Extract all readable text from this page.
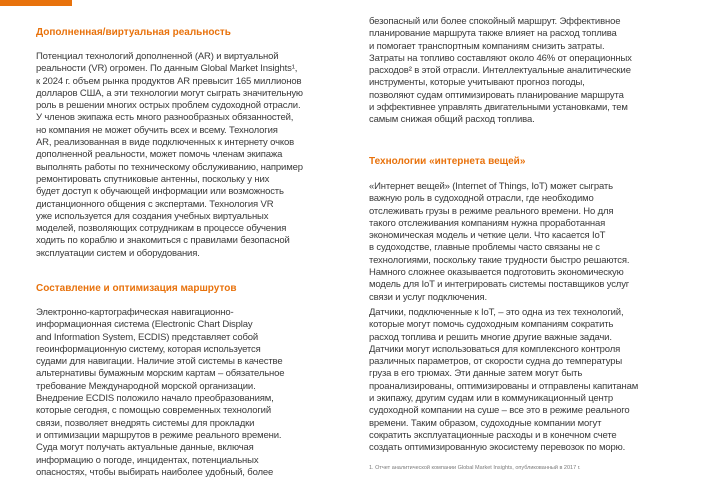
Дополненная/виртуальная реальность

Потенциал технологий дополненной (AR) и виртуальной
реальности (VR) огромен. По данным Global Market Insights¹,
к 2024 г. объем рынка продуктов AR превысит 165 миллионов
долларов США, а эти технологии могут сыграть значительную
роль в решении многих острых проблем судоходной отрасли.
У членов экипажа есть много разнообразных обязанностей,
но компания не может обучить всех и всему. Технология
AR, реализованная в виде подключенных к интернету очков
дополненной реальности, может помочь членам экипажа
выполнять работы по техническому обслуживанию, например
ремонтировать спутниковые антенны, поскольку у них
будет доступ к обучающей информации или возможность
дистанционного общения с экспертами. Технология VR
уже используется для создания учебных виртуальных
моделей, позволяющих сотрудникам в процессе обучения
ходить по кораблю и знакомиться с правилами безопасной
эксплуатации систем и оборудования.

Составление и оптимизация маршрутов

Электронно-картографическая навигационно-
информационная система (Electronic Chart Display
and Information System, ECDIS) представляет собой
геоинформационную систему, которая используется
судами для навигации. Наличие этой системы в качестве
альтернативы бумажным морским картам – обязательное
требование Международной морской организации.
Внедрение ECDIS положило начало преобразованиям,
которые сегодня, с помощью современных технологий
связи, позволяет внедрять системы для прокладки
и оптимизации маршрутов в режиме реального времени.
Суда могут получать актуальные данные, включая
информацию о погоде, инцидентах, потенциальных
опасностях, чтобы выбирать наиболее удобный, более

безопасный или более спокойный маршрут. Эффективное
планирование маршрута также влияет на расход топлива
и помогает транспортным компаниям снизить затраты.
Затраты на топливо составляют около 46% от операционных
расходов² в этой отрасли. Интеллектуальные аналитические
инструменты, которые учитывают прогноз погоды,
позволяют судам оптимизировать планирование маршрута
и эффективнее управлять двигательными установками, тем
самым снижая общий расход топлива.

Технологии «интернета вещей»

«Интернет вещей» (Internet of Things, IoT) может сыграть
важную роль в судоходной отрасли, где необходимо
отслеживать грузы в режиме реального времени. Но для
такого отслеживания компаниям нужна проработанная
экономическая модель и четкие цели. Что касается IoT
в судоходстве, главные проблемы часто связаны не с
технологиями, поскольку такие трудности быстро решаются.
Намного сложнее оказывается подготовить экономическую
модель для IoT и интегрировать системы поставщиков услуг
связи и услуг подключения.

Датчики, подключенные к IoT, – это одна из тех технологий,
которые могут помочь судоходным компаниям сократить
расход топлива и решить многие другие важные задачи.
Датчики могут использоваться для комплексного контроля
различных параметров, от скорости судна до температуры
груза в его трюмах. Эти данные затем могут быть
проанализированы, оптимизированы и отправлены капитанам
и экипажу, другим судам или в коммуникационный центр
судоходной компании на суше – все это в режиме реального
времени. Таким образом, судоходные компании могут
сократить эксплуатационные расходы и в конечном счете
создать оптимизированную экосистему перевозок по морю.

1. Отчет аналитической компании Global Market Insights, опубликованный в 2017 г.
